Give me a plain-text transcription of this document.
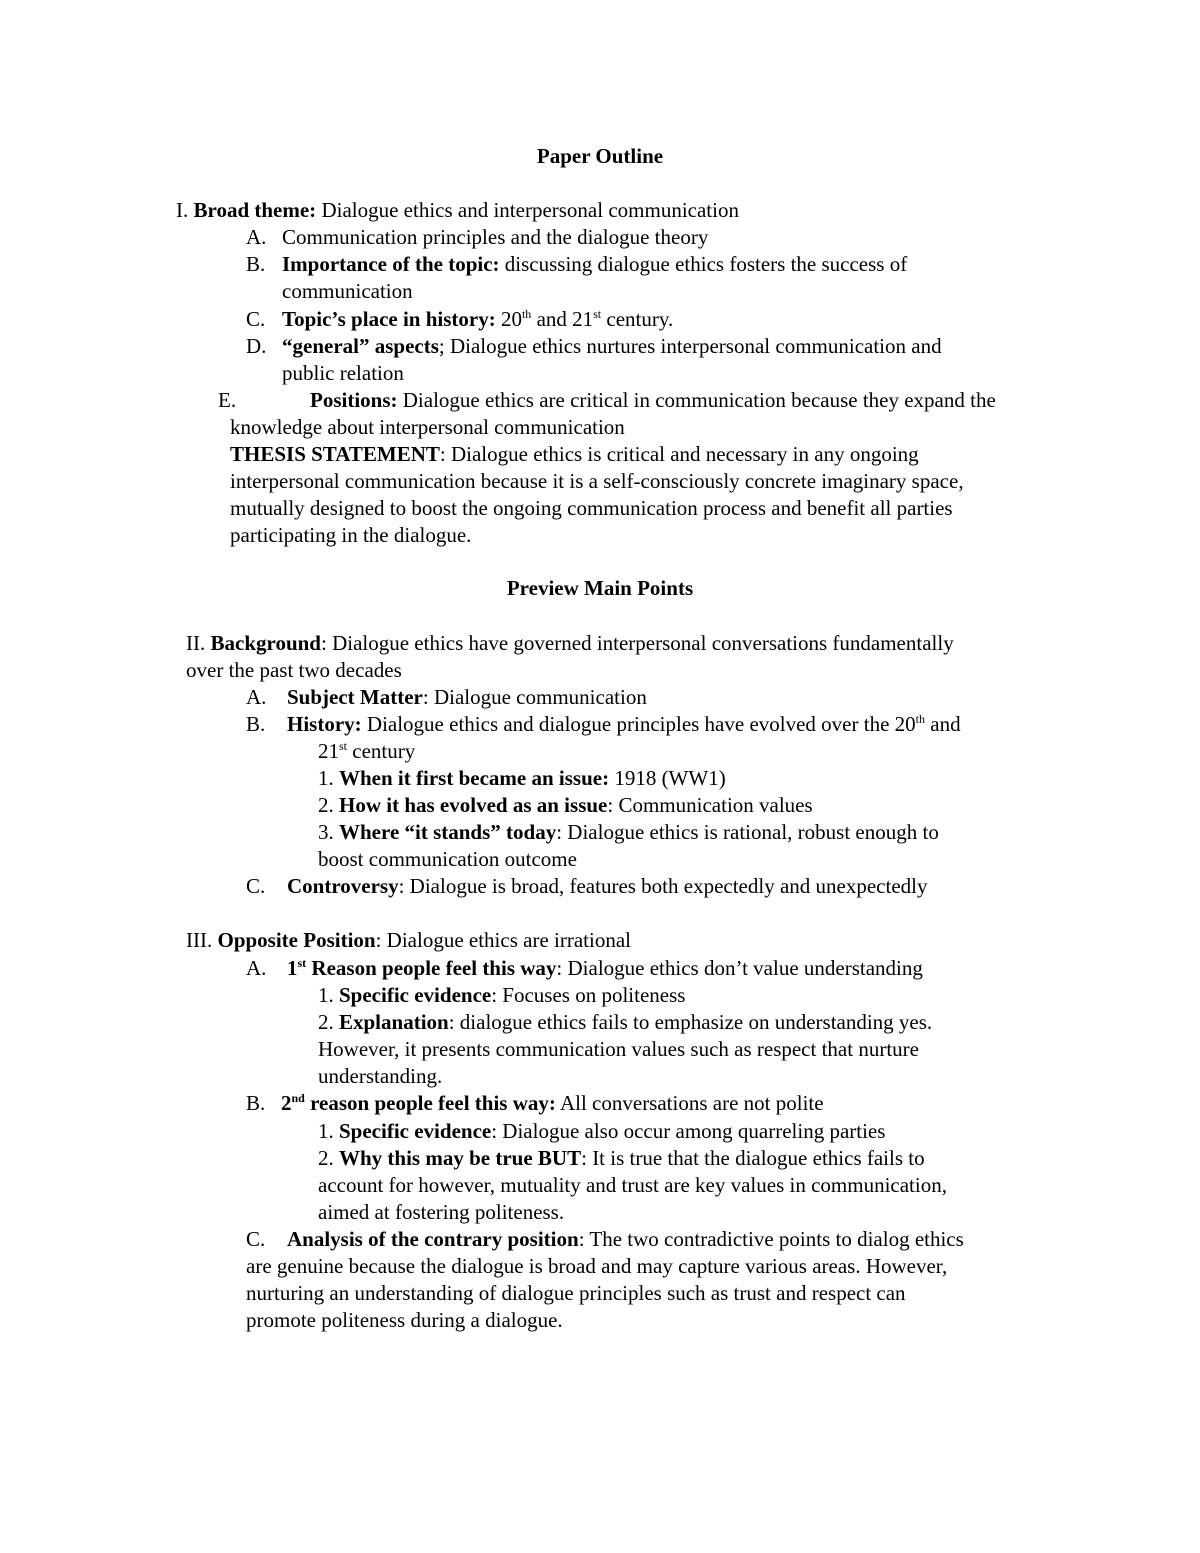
Paper Outline
I. Broad theme: Dialogue ethics and interpersonal communication
A. Communication principles and the dialogue theory
B. Importance of the topic: discussing dialogue ethics fosters the success of
communication
C. Topic’s place in history: 20th and 21st century.
D. “general” aspects; Dialogue ethics nurtures interpersonal communication and
public relation
E.	Positions: Dialogue ethics are critical in communication because they expand the
knowledge about interpersonal communication
THESIS STATEMENT: Dialogue ethics is critical and necessary in any ongoing
interpersonal communication because it is a self-consciously concrete imaginary space,
mutually designed to boost the ongoing communication process and benefit all parties
participating in the dialogue.
Preview Main Points
II. Background: Dialogue ethics have governed interpersonal conversations fundamentally
over the past two decades
A. Subject Matter: Dialogue communication
B. History: Dialogue ethics and dialogue principles have evolved over the 20th and
21st century
1. When it first became an issue: 1918 (WW1)
2. How it has evolved as an issue: Communication values
3. Where “it stands” today: Dialogue ethics is rational, robust enough to
boost communication outcome
C. Controversy: Dialogue is broad, features both expectedly and unexpectedly
III. Opposite Position: Dialogue ethics are irrational
A. 1st Reason people feel this way: Dialogue ethics don’t value understanding
1. Specific evidence: Focuses on politeness
2. Explanation: dialogue ethics fails to emphasize on understanding yes.
However, it presents communication values such as respect that nurture
understanding.
B. 2nd reason people feel this way: All conversations are not polite
1. Specific evidence: Dialogue also occur among quarreling parties
2. Why this may be true BUT: It is true that the dialogue ethics fails to
account for however, mutuality and trust are key values in communication,
aimed at fostering politeness.
C. Analysis of the contrary position: The two contradictive points to dialog ethics
are genuine because the dialogue is broad and may capture various areas. However,
nurturing an understanding of dialogue principles such as trust and respect can
promote politeness during a dialogue.
